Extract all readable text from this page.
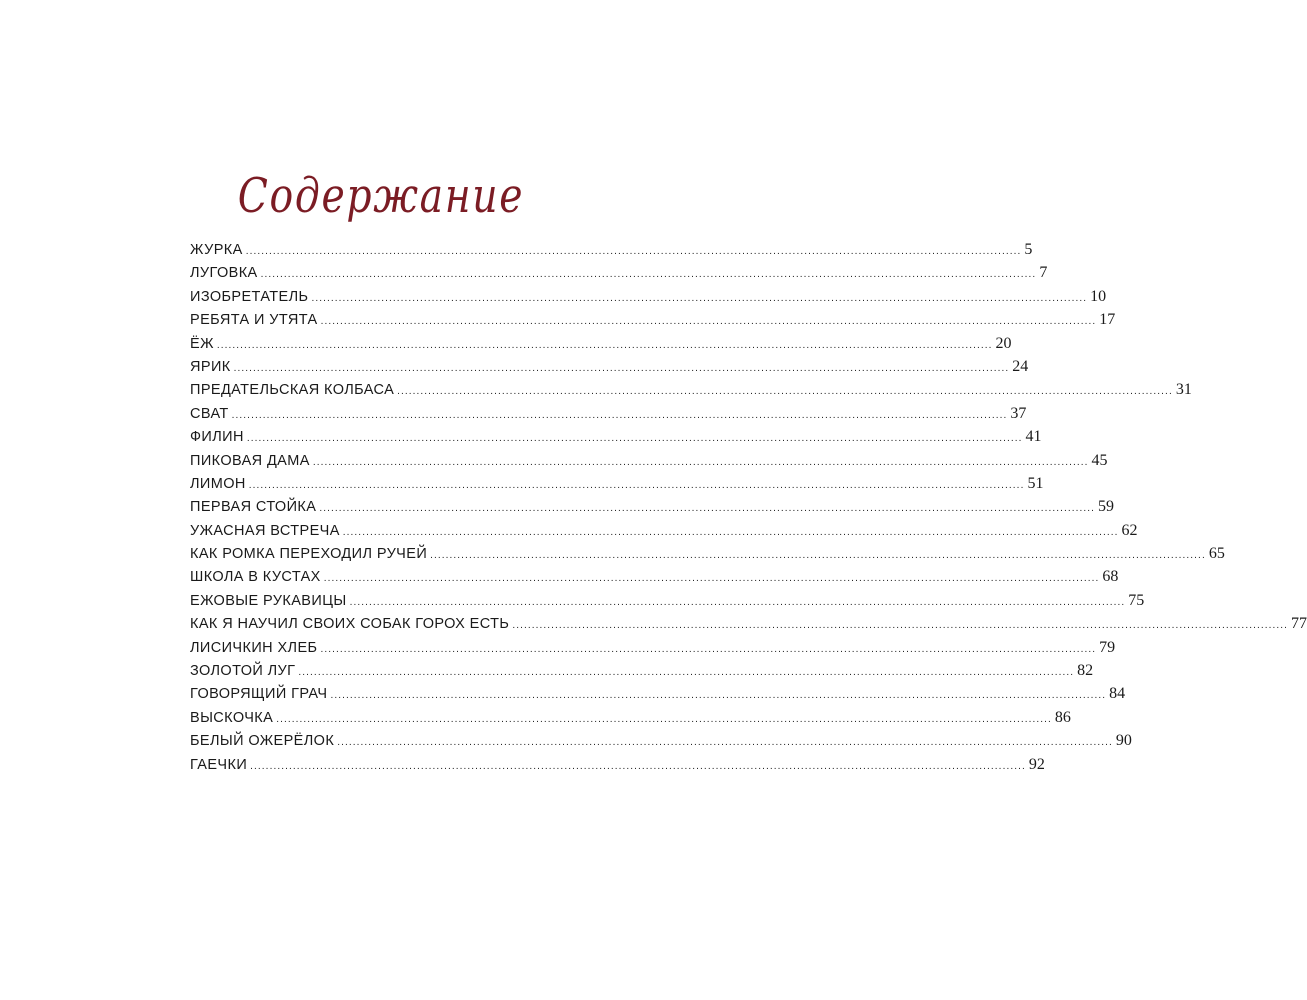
Содержание
ЖУРКА ........................................................................................................................................................................................................ 5
ЛУГОВКА ........................................................................................................................................................................................................ 7
ИЗОБРЕТАТЕЛЬ ........................................................................................................................................................................................................ 10
РЕБЯТА И УТЯТА ........................................................................................................................................................................................................ 17
ЁЖ ........................................................................................................................................................................................................ 20
ЯРИК ........................................................................................................................................................................................................ 24
ПРЕДАТЕЛЬСКАЯ КОЛБАСА ........................................................................................................................................................................................................ 31
СВАТ ........................................................................................................................................................................................................ 37
ФИЛИН ........................................................................................................................................................................................................ 41
ПИКОВАЯ ДАМА ........................................................................................................................................................................................................ 45
ЛИМОН ........................................................................................................................................................................................................ 51
ПЕРВАЯ СТОЙКА ........................................................................................................................................................................................................ 59
УЖАСНАЯ ВСТРЕЧА ........................................................................................................................................................................................................ 62
КАК РОМКА ПЕРЕХОДИЛ РУЧЕЙ ........................................................................................................................................................................................................ 65
ШКОЛА В КУСТАХ ........................................................................................................................................................................................................ 68
ЕЖОВЫЕ РУКАВИЦЫ ........................................................................................................................................................................................................ 75
КАК Я НАУЧИЛ СВОИХ СОБАК ГОРОХ ЕСТЬ ........................................................................................................................................................................................................ 77
ЛИСИЧКИН ХЛЕБ ........................................................................................................................................................................................................ 79
ЗОЛОТОЙ ЛУГ ........................................................................................................................................................................................................ 82
ГОВОРЯЩИЙ ГРАЧ ........................................................................................................................................................................................................ 84
ВЫСКОЧКА ........................................................................................................................................................................................................ 86
БЕЛЫЙ ОЖЕРЁЛОК ........................................................................................................................................................................................................ 90
ГАЕЧКИ ........................................................................................................................................................................................................ 92
